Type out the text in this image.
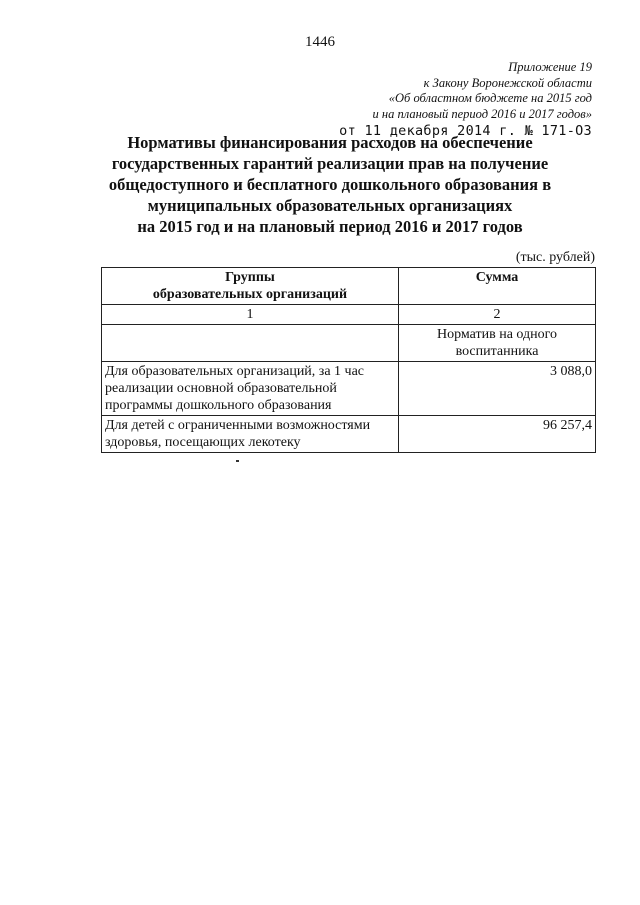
1446
Приложение 19
к Закону Воронежской области
«Об областном бюджете на 2015 год
и на плановый период 2016 и 2017 годов»
от 11 декабря 2014 г. № 171-ОЗ
Нормативы финансирования расходов на обеспечение
государственных гарантий реализации прав на получение
общедоступного и бесплатного дошкольного образования в
муниципальных образовательных организациях
на 2015 год и на плановый период 2016 и 2017 годов
(тыс. рублей)
Группы
образовательных организаций	Сумма
1	2
	Норматив на одного воспитанника
Для образовательных организаций, за 1 час реализации основной образовательной программы дошкольного образования	3 088,0
Для детей с ограниченными возможностями здоровья, посещающих лекотеку	96 257,4
